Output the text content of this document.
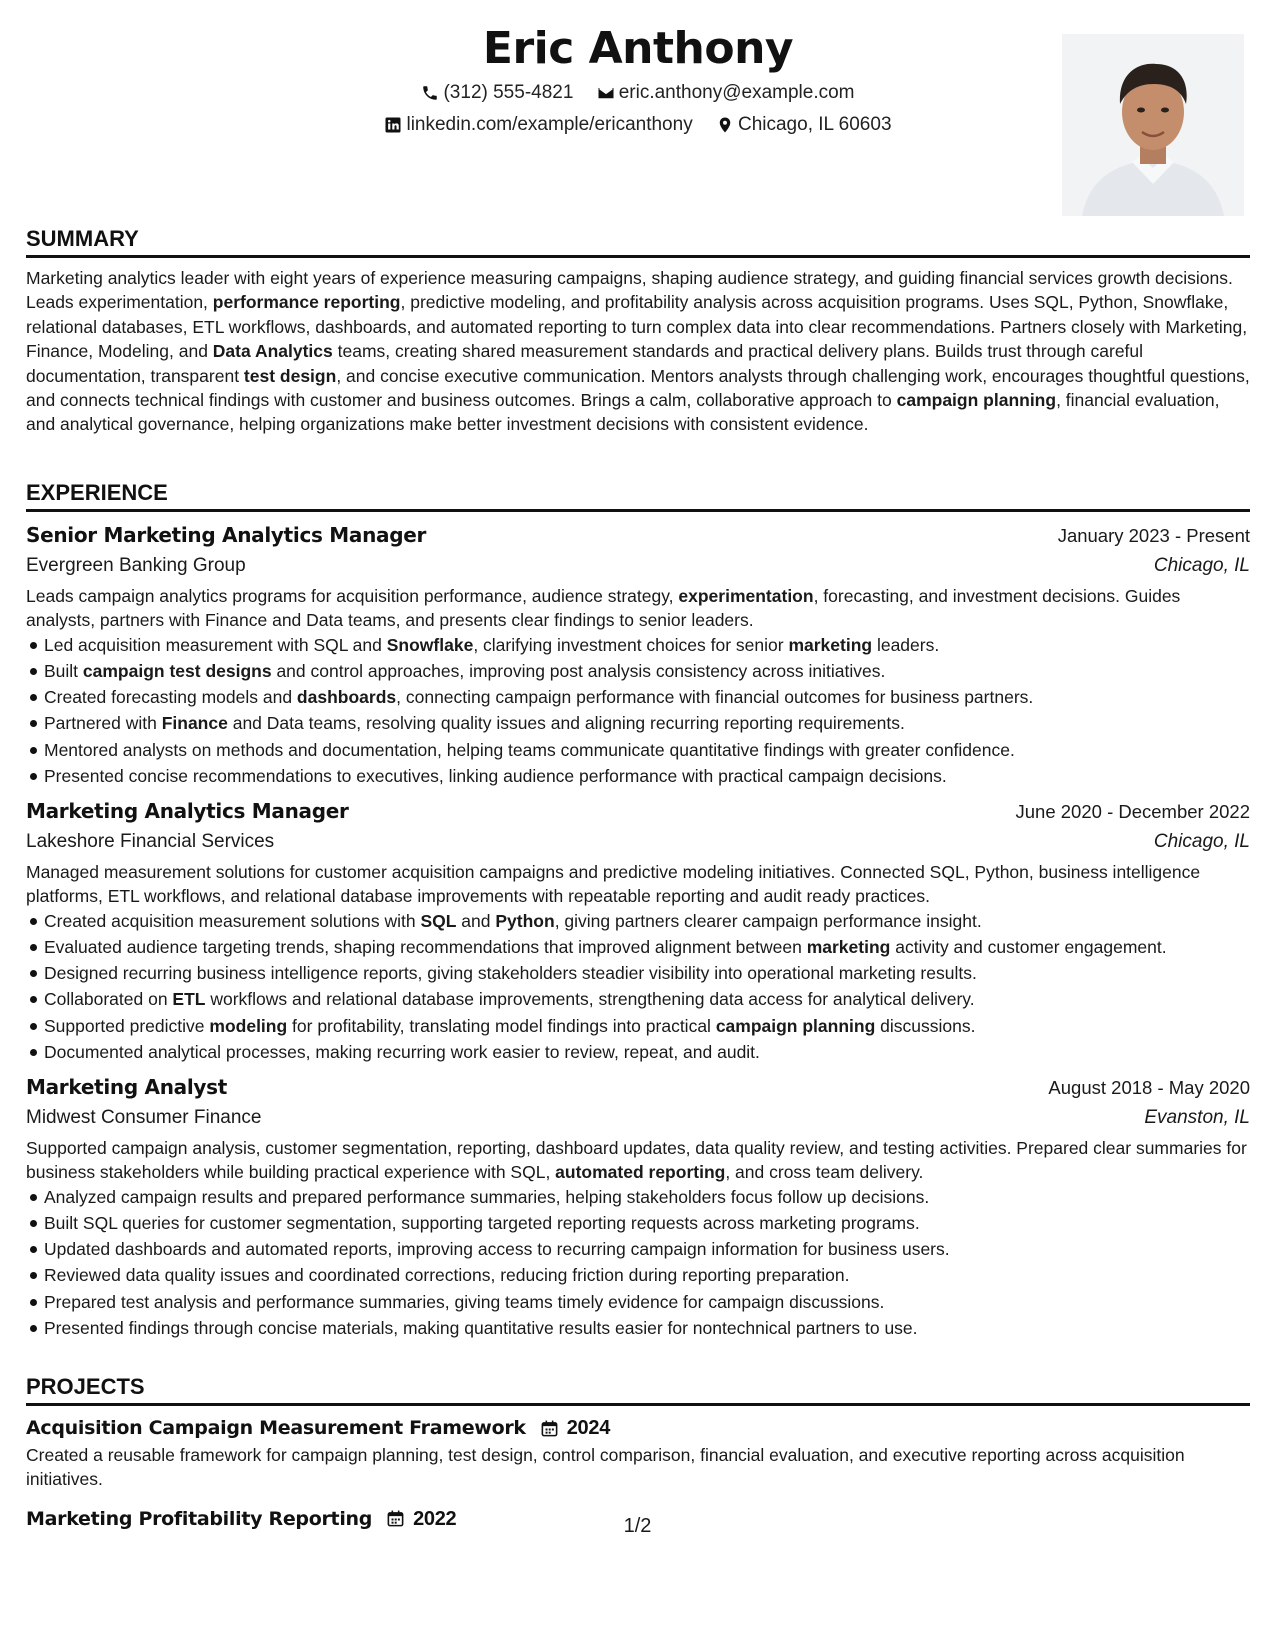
Eric Anthony
(312) 555-4821
eric.anthony@example.com
linkedin.com/example/ericanthony
Chicago, IL 60603
SUMMARY

Marketing analytics leader with eight years of experience measuring campaigns, shaping audience strategy, and guiding financial services growth decisions. Leads experimentation, performance reporting, predictive modeling, and profitability analysis across acquisition programs. Uses SQL, Python, Snowflake, relational databases, ETL workflows, dashboards, and automated reporting to turn complex data into clear recommendations. Partners closely with Marketing, Finance, Modeling, and Data Analytics teams, creating shared measurement standards and practical delivery plans. Builds trust through careful documentation, transparent test design, and concise executive communication. Mentors analysts through challenging work, encourages thoughtful questions, and connects technical findings with customer and business outcomes. Brings a calm, collaborative approach to campaign planning, financial evaluation, and analytical governance, helping organizations make better investment decisions with consistent evidence.

EXPERIENCE
Senior Marketing Analytics Manager	January 2023 - Present
Evergreen Banking Group	Chicago, IL
Leads campaign analytics programs for acquisition performance, audience strategy, experimentation, forecasting, and investment decisions. Guides analysts, partners with Finance and Data teams, and presents clear findings to senior leaders.
Led acquisition measurement with SQL and Snowflake, clarifying investment choices for senior marketing leaders.
Built campaign test designs and control approaches, improving post analysis consistency across initiatives.
Created forecasting models and dashboards, connecting campaign performance with financial outcomes for business partners.
Partnered with Finance and Data teams, resolving quality issues and aligning recurring reporting requirements.
Mentored analysts on methods and documentation, helping teams communicate quantitative findings with greater confidence.
Presented concise recommendations to executives, linking audience performance with practical campaign decisions.
Marketing Analytics Manager	June 2020 - December 2022
Lakeshore Financial Services	Chicago, IL
Managed measurement solutions for customer acquisition campaigns and predictive modeling initiatives. Connected SQL, Python, business intelligence platforms, ETL workflows, and relational database improvements with repeatable reporting and audit ready practices.
Created acquisition measurement solutions with SQL and Python, giving partners clearer campaign performance insight.
Evaluated audience targeting trends, shaping recommendations that improved alignment between marketing activity and customer engagement.
Designed recurring business intelligence reports, giving stakeholders steadier visibility into operational marketing results.
Collaborated on ETL workflows and relational database improvements, strengthening data access for analytical delivery.
Supported predictive modeling for profitability, translating model findings into practical campaign planning discussions.
Documented analytical processes, making recurring work easier to review, repeat, and audit.
Marketing Analyst	August 2018 - May 2020
Midwest Consumer Finance	Evanston, IL
Supported campaign analysis, customer segmentation, reporting, dashboard updates, data quality review, and testing activities. Prepared clear summaries for business stakeholders while building practical experience with SQL, automated reporting, and cross team delivery.
Analyzed campaign results and prepared performance summaries, helping stakeholders focus follow up decisions.
Built SQL queries for customer segmentation, supporting targeted reporting requests across marketing programs.
Updated dashboards and automated reports, improving access to recurring campaign information for business users.
Reviewed data quality issues and coordinated corrections, reducing friction during reporting preparation.
Prepared test analysis and performance summaries, giving teams timely evidence for campaign discussions.
Presented findings through concise materials, making quantitative results easier for nontechnical partners to use.
PROJECTS
Acquisition Campaign Measurement Framework 2024

Created a reusable framework for campaign planning, test design, control comparison, financial evaluation, and executive reporting across acquisition initiatives.

Marketing Profitability Reporting 2022	1/2
